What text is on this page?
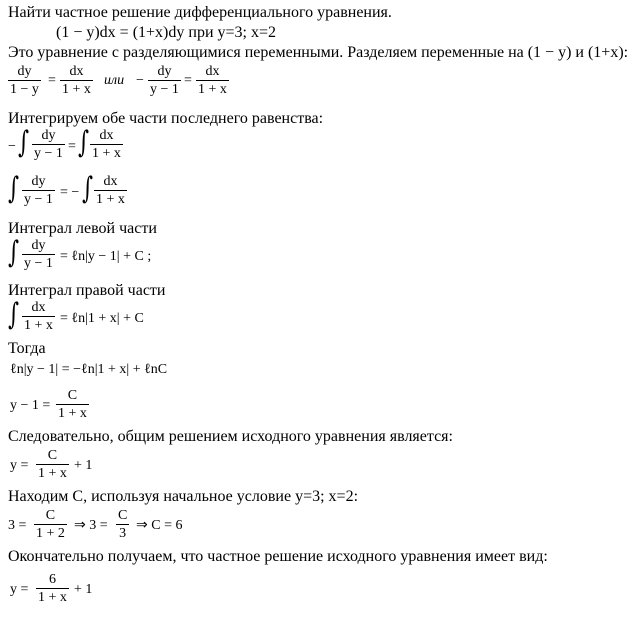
Найти частное решение дифференциального уравнения.
(1 − y)dx = (1+x)dy при y=3; x=2
Это уравнение с разделяющимися переменными. Разделяем переменные на (1 − y) и (1+x):
dy
1 − y
=
dx
1 + x
или −
dy
y − 1
=
dx
1 + x
Интегрируем обе части последнего равенства:
− ∫ dy
y − 1 = ∫ dx
1 + x
∫ dy
y − 1 = − ∫ dx
1 + x
Интеграл левой части
∫ dy
y − 1 = ℓn|y − 1| + C ;
Интеграл правой части
∫ dx
1 + x = ℓn|1 + x| + C
Тогда
ℓn|y − 1| = −ℓn|1 + x| + ℓnC
y − 1 =
C
1 + x
Следовательно, общим решением исходного уравнения является:
y =
C
1 + x
+ 1
Находим C, используя начальное условие y=3; x=2:
3 =
C
1 + 2
⇒ 3 =
C
3
⇒ C = 6
Окончательно получаем, что частное решение исходного уравнения имеет вид:
y =
6
1 + x
+ 1
